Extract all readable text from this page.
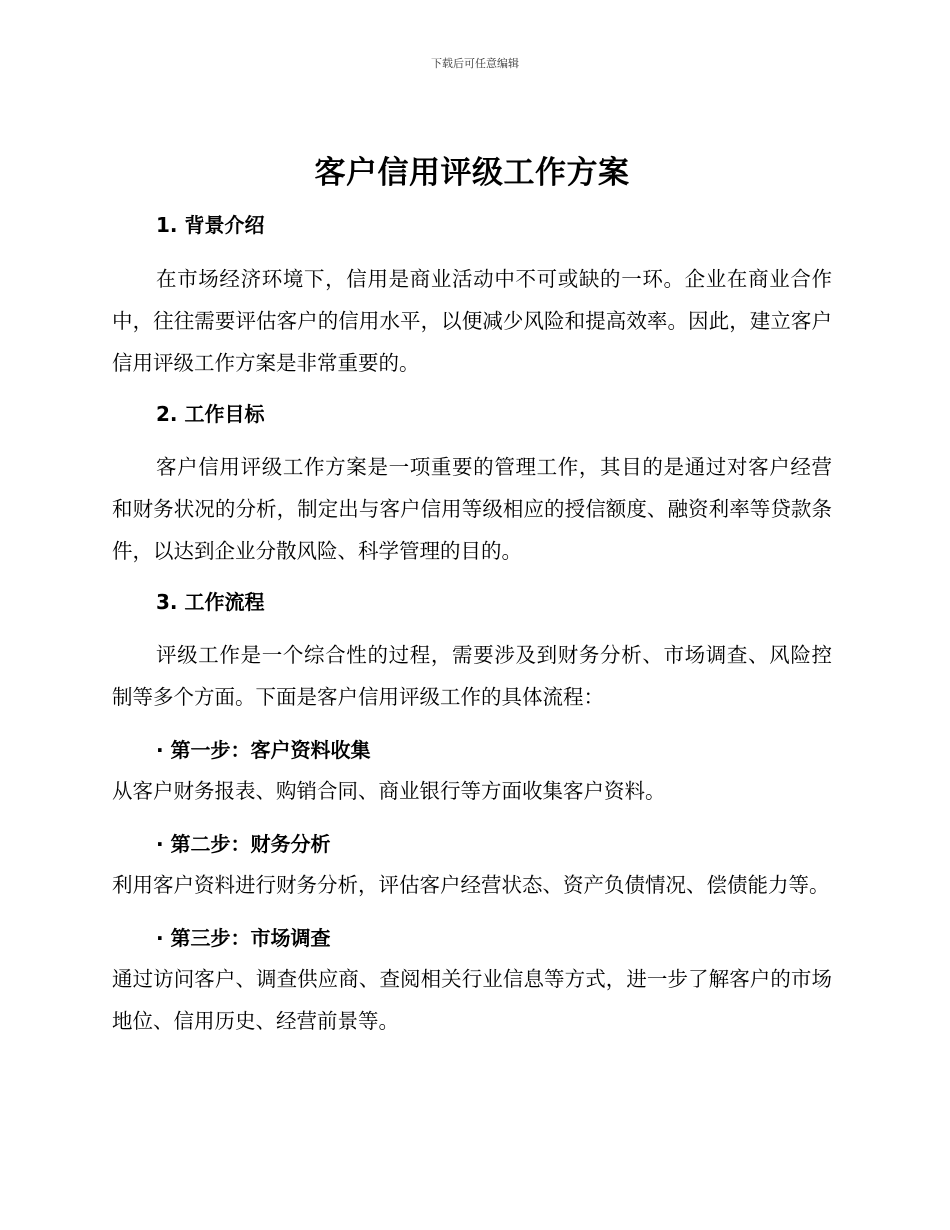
下载后可任意编辑
客户信用评级工作方案
1. 背景介绍

在市场经济环境下，信用是商业活动中不可或缺的一环。企业在商业合作中，往往需要评估客户的信用水平，以便减少风险和提高效率。因此，建立客户信用评级工作方案是非常重要的。

2. 工作目标

客户信用评级工作方案是一项重要的管理工作，其目的是通过对客户经营和财务状况的分析，制定出与客户信用等级相应的授信额度、融资利率等贷款条件，以达到企业分散风险、科学管理的目的。

3. 工作流程

评级工作是一个综合性的过程，需要涉及到财务分析、市场调查、风险控制等多个方面。下面是客户信用评级工作的具体流程：

· 第一步：客户资料收集

从客户财务报表、购销合同、商业银行等方面收集客户资料。

· 第二步：财务分析

利用客户资料进行财务分析，评估客户经营状态、资产负债情况、偿债能力等。

· 第三步：市场调查

通过访问客户、调查供应商、查阅相关行业信息等方式，进一步了解客户的市场地位、信用历史、经营前景等。
